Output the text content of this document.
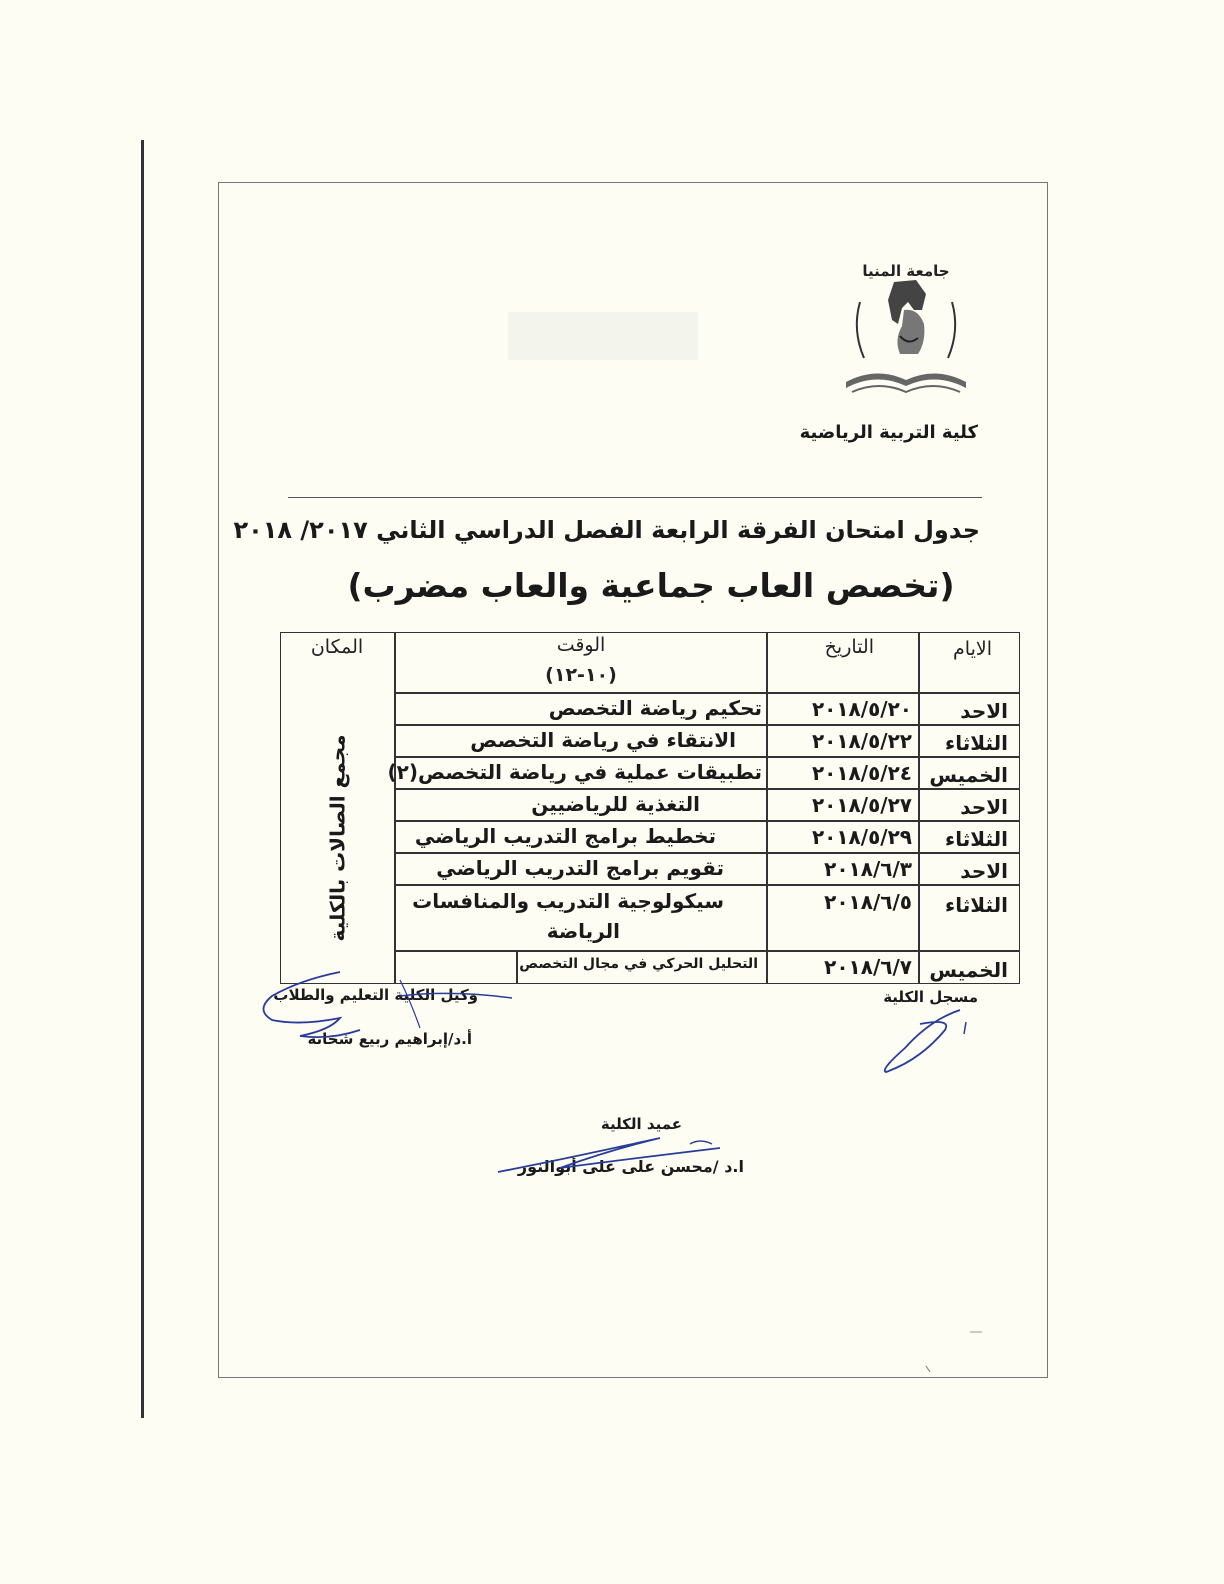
جامعة المنيا
كلية التربية الرياضية
جدول امتحان الفرقة الرابعة الفصل الدراسي الثاني ٢٠١٧/ ٢٠١٨
(تخصص العاب جماعية والعاب مضرب)
الايام
التاريخ
الوقت
(١٠-١٢)
المكان
مجمع الصالات بالكلية
الاحد
٢٠١٨/٥/٢٠
تحكيم رياضة التخصص
الثلاثاء
٢٠١٨/٥/٢٢
الانتقاء في رياضة التخصص
الخميس
٢٠١٨/٥/٢٤
تطبيقات عملية في رياضة التخصص(٢)
الاحد
٢٠١٨/٥/٢٧
التغذية للرياضيين
الثلاثاء
٢٠١٨/٥/٢٩
تخطيط برامج التدريب الرياضي
الاحد
٢٠١٨/٦/٣
تقويم برامج التدريب الرياضي
الثلاثاء
٢٠١٨/٦/٥
سيكولوجية التدريب والمنافسات
الرياضة
الخميس
٢٠١٨/٦/٧
التحليل الحركي في مجال التخصص
مسجل الكلية
وكيل الكلية التعليم والطلاب
أ.د/إبراهيم ربيع شحاته
عميد الكلية
ا.د /محسن على على أبوالنور
